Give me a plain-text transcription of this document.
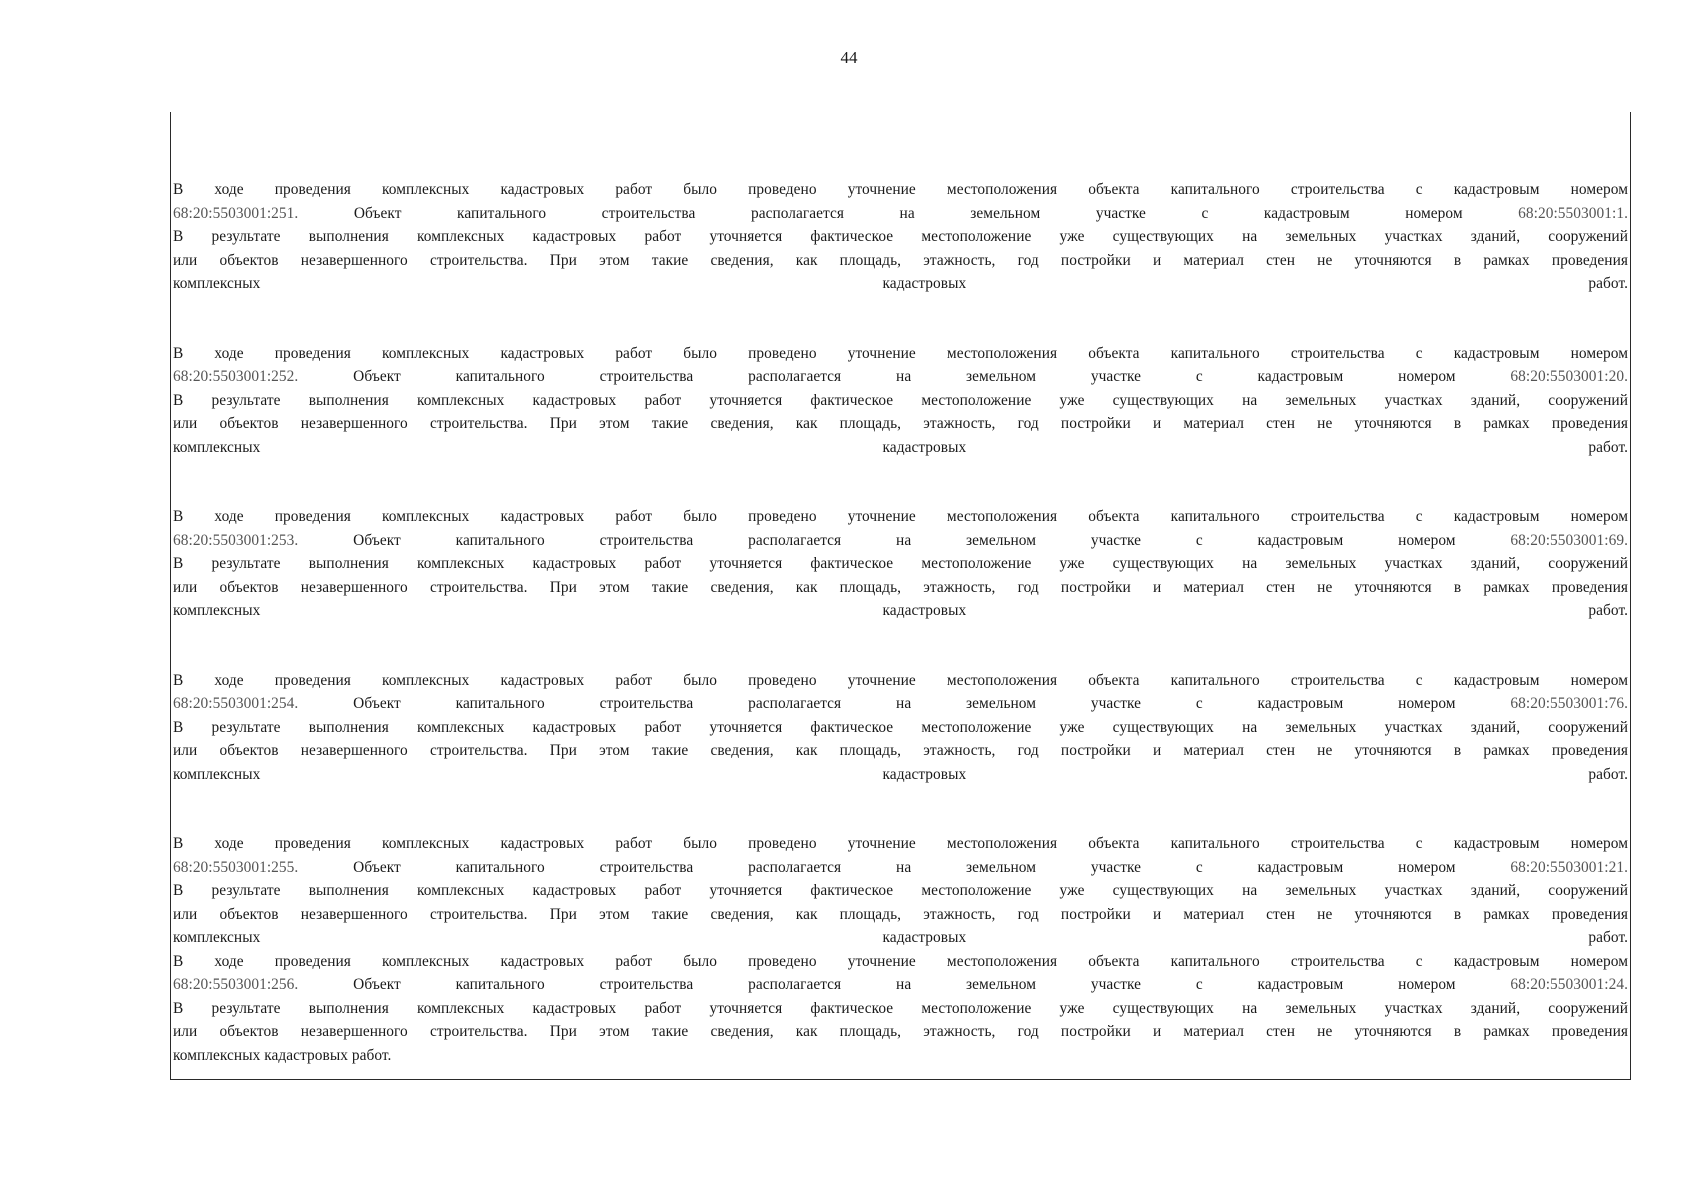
44
В ходе проведения комплексных кадастровых работ было проведено уточнение местоположения объекта капитального строительства с кадастровым номером
68:20:5503001:251.	Объект капитального строительства располагается на земельном участке с кадастровым номером	68:20:5503001:1.
В результате выполнения комплексных кадастровых работ уточняется фактическое местоположение уже существующих на земельных участках зданий, сооружений
или объектов незавершенного строительства. При этом такие сведения, как площадь, этажность, год постройки и материал стен не уточняются в рамках проведения
комплексных	кадастровых	работ.
В ходе проведения комплексных кадастровых работ было проведено уточнение местоположения объекта капитального строительства с кадастровым номером
68:20:5503001:252.	Объект капитального строительства располагается на земельном участке с кадастровым номером	68:20:5503001:20.
В результате выполнения комплексных кадастровых работ уточняется фактическое местоположение уже существующих на земельных участках зданий, сооружений
или объектов незавершенного строительства. При этом такие сведения, как площадь, этажность, год постройки и материал стен не уточняются в рамках проведения
комплексных	кадастровых	работ.
В ходе проведения комплексных кадастровых работ было проведено уточнение местоположения объекта капитального строительства с кадастровым номером
68:20:5503001:253.	Объект капитального строительства располагается на земельном участке с кадастровым номером	68:20:5503001:69.
В результате выполнения комплексных кадастровых работ уточняется фактическое местоположение уже существующих на земельных участках зданий, сооружений
или объектов незавершенного строительства. При этом такие сведения, как площадь, этажность, год постройки и материал стен не уточняются в рамках проведения
комплексных	кадастровых	работ.
В ходе проведения комплексных кадастровых работ было проведено уточнение местоположения объекта капитального строительства с кадастровым номером
68:20:5503001:254.	Объект капитального строительства располагается на земельном участке с кадастровым номером	68:20:5503001:76.
В результате выполнения комплексных кадастровых работ уточняется фактическое местоположение уже существующих на земельных участках зданий, сооружений
или объектов незавершенного строительства. При этом такие сведения, как площадь, этажность, год постройки и материал стен не уточняются в рамках проведения
комплексных	кадастровых	работ.
В ходе проведения комплексных кадастровых работ было проведено уточнение местоположения объекта капитального строительства с кадастровым номером
68:20:5503001:255.	Объект капитального строительства располагается на земельном участке с кадастровым номером	68:20:5503001:21.
В результате выполнения комплексных кадастровых работ уточняется фактическое местоположение уже существующих на земельных участках зданий, сооружений
или объектов незавершенного строительства. При этом такие сведения, как площадь, этажность, год постройки и материал стен не уточняются в рамках проведения
комплексных	кадастровых	работ.
В ходе проведения комплексных кадастровых работ было проведено уточнение местоположения объекта капитального строительства с кадастровым номером
68:20:5503001:256.	Объект капитального строительства располагается на земельном участке с кадастровым номером	68:20:5503001:24.
В результате выполнения комплексных кадастровых работ уточняется фактическое местоположение уже существующих на земельных участках зданий, сооружений
или объектов незавершенного строительства. При этом такие сведения, как площадь, этажность, год постройки и материал стен не уточняются в рамках проведения
комплексных кадастровых работ.
